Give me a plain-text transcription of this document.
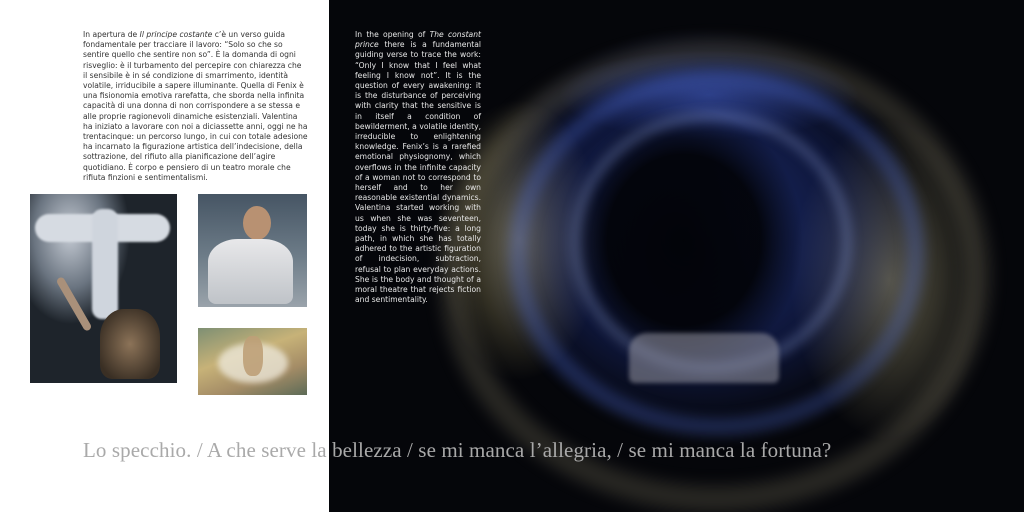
In apertura de Il principe costante c’è un verso guida fondamentale per tracciare il lavoro: “Solo so che so sentire quello che sentire non so”. È la domanda di ogni risveglio: è il turbamento del percepire con chiarezza che il sensibile è in sé condizione di smarrimento, identità volatile, irriducibile a sapere illuminante. Quella di Fenix è una fisionomia emotiva rarefatta, che sborda nella infinita capacità di una donna di non corrispondere a se stessa e alle proprie ragionevoli dinamiche esistenziali. Valentina ha iniziato a lavorare con noi a diciassette anni, oggi ne ha trentacinque: un percorso lungo, in cui con totale adesione ha incarnato la figurazione artistica dell’indecisione, della sottrazione, del rifiuto alla pianificazione dell’agire quotidiano. È corpo e pensiero di un teatro morale che rifiuta finzioni e sentimentalismi.

In the opening of The constant prince there is a fundamental guiding verse to trace the work: “Only I know that I feel what feeling I know not”. It is the question of every awakening: it is the disturbance of perceiving with clarity that the sensitive is in itself a condition of bewilderment, a volatile identity, irreducible to enlightening knowledge. Fenix’s is a rarefied emotional physiognomy, which overflows in the infinite capacity of a woman not to correspond to herself and to her own reasonable existential dynamics. Valentina started working with us when she was seventeen, today she is thirty-five: a long path, in which she has totally adhered to the artistic figuration of indecision, subtraction, refusal to plan everyday actions. She is the body and thought of a moral theatre that rejects fiction and sentimentality.

Lo specchio. / A che serve la bellezza / se mi manca l’allegria, / se mi manca la fortuna?
